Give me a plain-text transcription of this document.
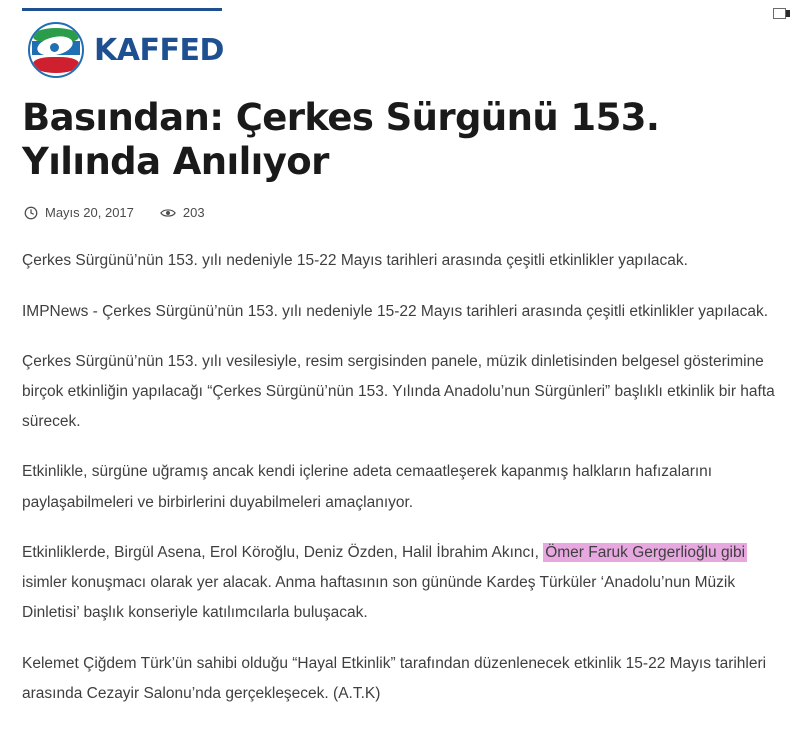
KAFFED
Basından: Çerkes Sürgünü 153. Yılında Anılıyor
Mayıs 20, 2017	203

Çerkes Sürgünü’nün 153. yılı nedeniyle 15-22 Mayıs tarihleri arasında çeşitli etkinlikler yapılacak.

IMPNews - Çerkes Sürgünü’nün 153. yılı nedeniyle 15-22 Mayıs tarihleri arasında çeşitli etkinlikler yapılacak.

Çerkes Sürgünü’nün 153. yılı vesilesiyle, resim sergisinden panele, müzik dinletisinden belgesel gösterimine birçok etkinliğin yapılacağı “Çerkes Sürgünü’nün 153. Yılında Anadolu’nun Sürgünleri” başlıklı etkinlik bir hafta sürecek.

Etkinlikle, sürgüne uğramış ancak kendi içlerine adeta cemaatleşerek kapanmış halkların hafızalarını paylaşabilmeleri ve birbirlerini duyabilmeleri amaçlanıyor.

Etkinliklerde, Birgül Asena, Erol Köroğlu, Deniz Özden, Halil İbrahim Akıncı, Ömer Faruk Gergerlioğlu gibi isimler konuşmacı olarak yer alacak. Anma haftasının son gününde Kardeş Türküler ‘Anadolu’nun Müzik Dinletisi’ başlık konseriyle katılımcılarla buluşacak.

Kelemet Çiğdem Türk’ün sahibi olduğu “Hayal Etkinlik” tarafından düzenlenecek etkinlik 15-22 Mayıs tarihleri arasında Cezayir Salonu’nda gerçekleşecek. (A.T.K)
